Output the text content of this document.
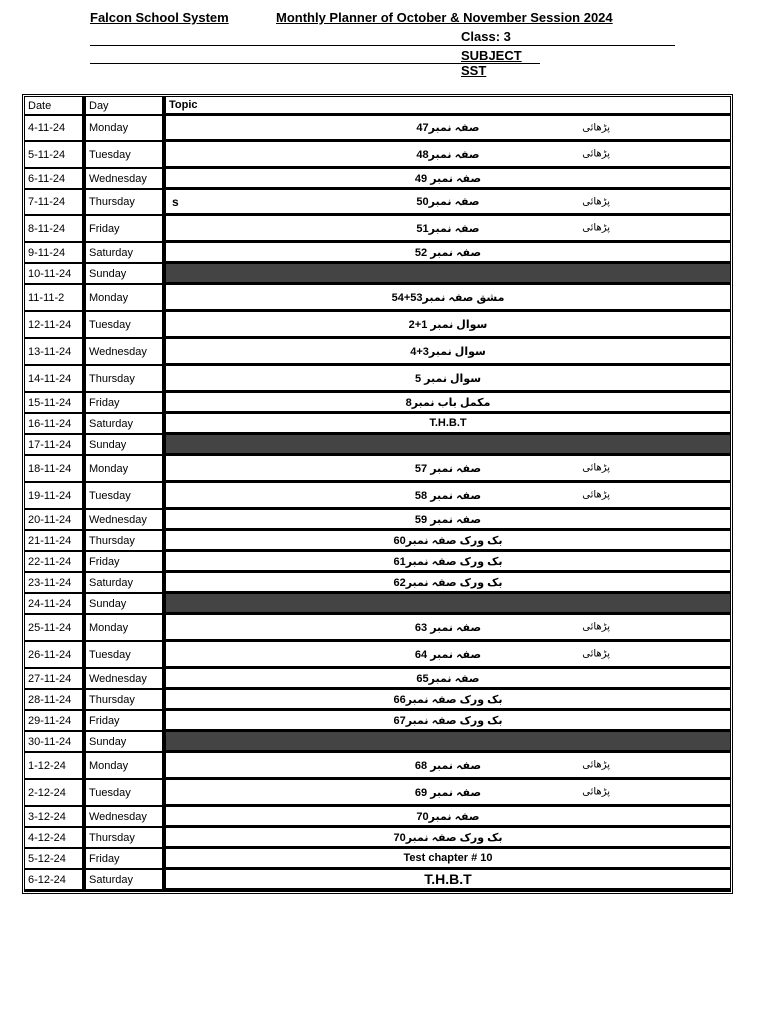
Falcon School System	Monthly Planner of October & November Session 2024
Class: 3
SUBJECT SST
Date	Day	Topic
4-11-24	Monday	صفہ نمبر47 پڑھائی

5-11-24	Tuesday	صفہ نمبر48 پڑھائی

6-11-24	Wednesday	صفہ نمبر 49
7-11-24	Thursday	s صفہ نمبر50 پڑھائی

8-11-24	Friday	صفہ نمبر51 پڑھائی

9-11-24	Saturday	صفہ نمبر 52
10-11-24	Sunday	
11-11-2	Monday	مشق صفہ نمبر53+54
12-11-24	Tuesday	سوال نمبر 1+2
13-11-24	Wednesday	سوال نمبر3+4
14-11-24	Thursday	سوال نمبر 5
15-11-24	Friday	مکمل باب نمبر8
16-11-24	Saturday	T.H.B.T
17-11-24	Sunday	
18-11-24	Monday	صفہ نمبر 57 پڑھائی

19-11-24	Tuesday	صفہ نمبر 58 پڑھائی

20-11-24	Wednesday	صفہ نمبر 59
21-11-24	Thursday	بک ورک صفہ نمبر60
22-11-24	Friday	بک ورک صفہ نمبر61
23-11-24	Saturday	بک ورک صفہ نمبر62
24-11-24	Sunday	
25-11-24	Monday	صفہ نمبر 63 پڑھائی

26-11-24	Tuesday	صفہ نمبر 64 پڑھائی

27-11-24	Wednesday	صفہ نمبر65
28-11-24	Thursday	بک ورک صفہ نمبر66
29-11-24	Friday	بک ورک صفہ نمبر67
30-11-24	Sunday	
1-12-24	Monday	صفہ نمبر 68 پڑھائی

2-12-24	Tuesday	صفہ نمبر 69 پڑھائی

3-12-24	Wednesday	صفہ نمبر70
4-12-24	Thursday	بک ورک صفہ نمبر70
5-12-24	Friday	Test chapter # 10
6-12-24	Saturday	T.H.B.T
